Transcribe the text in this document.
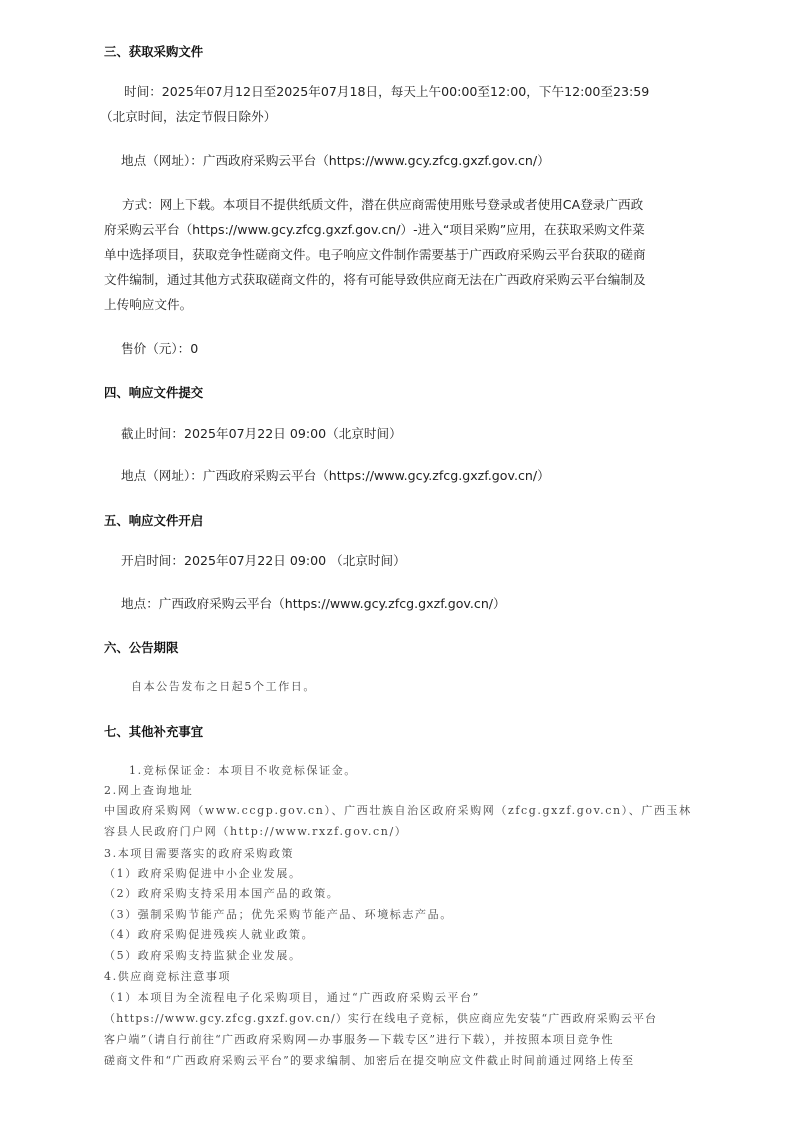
三、获取采购文件
时间：2025年07月12日至2025年07月18日，每天上午00:00至12:00，下午12:00至23:59
（北京时间，法定节假日除外）
地点（网址）：广西政府采购云平台（https://www.gcy.zfcg.gxzf.gov.cn/）
方式：网上下载。本项目不提供纸质文件，潜在供应商需使用账号登录或者使用CA登录广西政
府采购云平台（https://www.gcy.zfcg.gxzf.gov.cn/）-进入“项目采购”应用，在获取采购文件菜
单中选择项目，获取竞争性磋商文件。电子响应文件制作需要基于广西政府采购云平台获取的磋商
文件编制，通过其他方式获取磋商文件的，将有可能导致供应商无法在广西政府采购云平台编制及
上传响应文件。
售价（元）：0
四、响应文件提交
截止时间：2025年07月22日 09:00（北京时间）
地点（网址）：广西政府采购云平台（https://www.gcy.zfcg.gxzf.gov.cn/）
五、响应文件开启
开启时间：2025年07月22日 09:00 （北京时间）
地点：广西政府采购云平台（https://www.gcy.zfcg.gxzf.gov.cn/）
六、公告期限
自本公告发布之日起5个工作日。
七、其他补充事宜
1.竞标保证金：本项目不收竞标保证金。
2.网上查询地址
中国政府采购网（www.ccgp.gov.cn）、广西壮族自治区政府采购网（zfcg.gxzf.gov.cn）、广西玉林
容县人民政府门户网（http://www.rxzf.gov.cn/）
3.本项目需要落实的政府采购政策
（1）政府采购促进中小企业发展。
（2）政府采购支持采用本国产品的政策。
（3）强制采购节能产品；优先采购节能产品、环境标志产品。
（4）政府采购促进残疾人就业政策。
（5）政府采购支持监狱企业发展。
4.供应商竞标注意事项
（1）本项目为全流程电子化采购项目，通过“广西政府采购云平台”
（https://www.gcy.zfcg.gxzf.gov.cn/）实行在线电子竞标，供应商应先安装“广西政府采购云平台
客户端”（请自行前往“广西政府采购网—办事服务—下载专区”进行下载），并按照本项目竞争性
磋商文件和“广西政府采购云平台”的要求编制、加密后在提交响应文件截止时间前通过网络上传至
